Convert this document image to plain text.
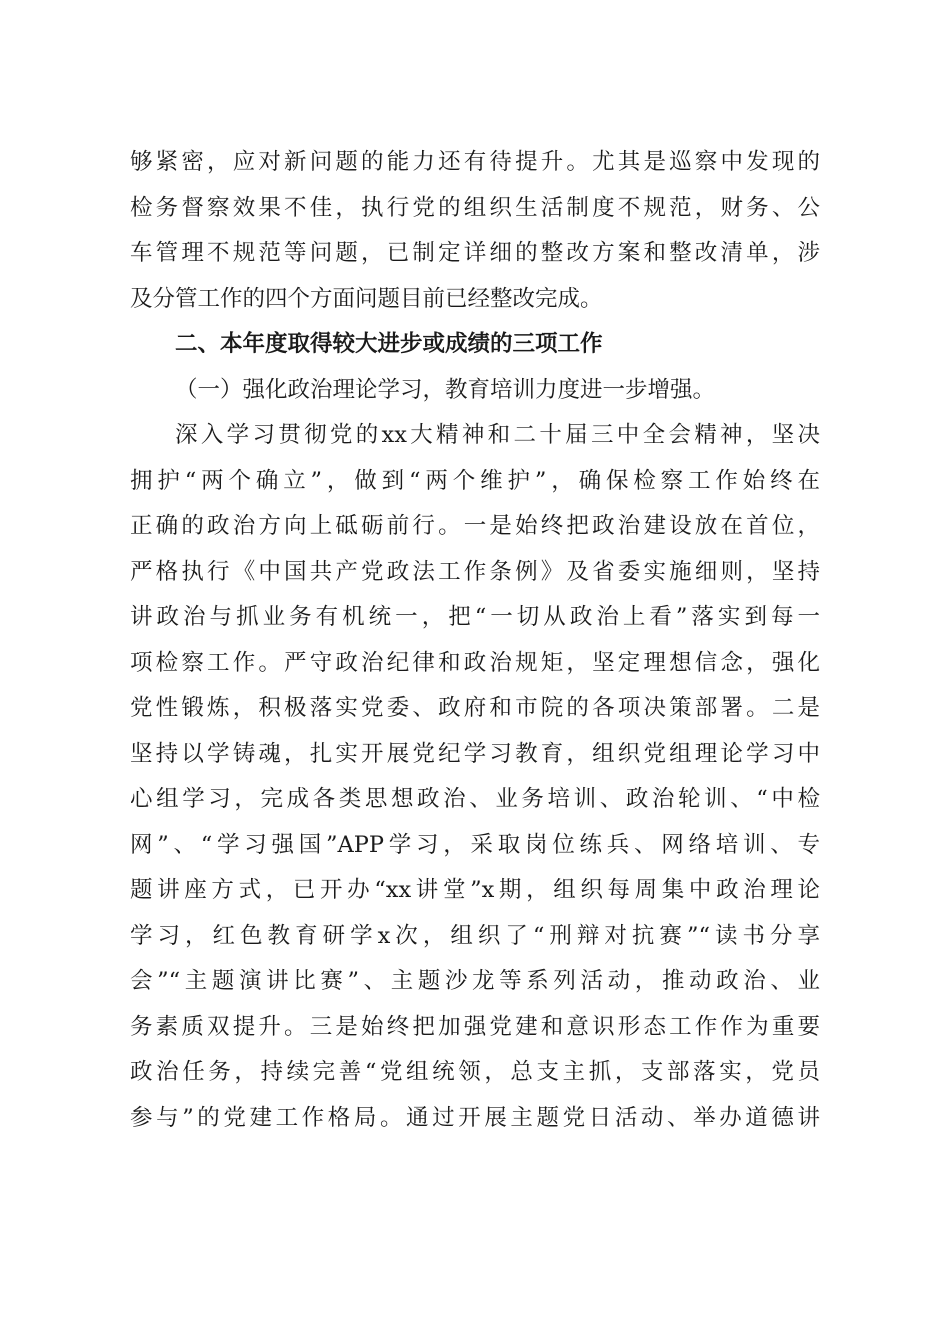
够紧密，应对新问题的能力还有待提升。尤其是巡察中发现的
检务督察效果不佳，执行党的组织生活制度不规范，财务、公
车管理不规范等问题，已制定详细的整改方案和整改清单，涉
及分管工作的四个方面问题目前已经整改完成。
二、本年度取得较大进步或成绩的三项工作
（一）强化政治理论学习，教育培训力度进一步增强。
深入学习贯彻党的xx大精神和二十届三中全会精神，坚决
拥护“两个确立”，做到“两个维护”，确保检察工作始终在
正确的政治方向上砥砺前行。一是始终把政治建设放在首位，
严格执行《中国共产党政法工作条例》及省委实施细则，坚持
讲政治与抓业务有机统一，把“一切从政治上看”落实到每一
项检察工作。严守政治纪律和政治规矩，坚定理想信念，强化
党性锻炼，积极落实党委、政府和市院的各项决策部署。二是
坚持以学铸魂，扎实开展党纪学习教育，组织党组理论学习中
心组学习，完成各类思想政治、业务培训、政治轮训、“中检
网”、“学习强国”APP学习，采取岗位练兵、网络培训、专
题讲座方式，已开办“xx讲堂”x期，组织每周集中政治理论
学习，红色教育研学x次，组织了“刑辩对抗赛”“读书分享
会”“主题演讲比赛”、主题沙龙等系列活动，推动政治、业
务素质双提升。三是始终把加强党建和意识形态工作作为重要
政治任务，持续完善“党组统领，总支主抓，支部落实，党员
参与”的党建工作格局。通过开展主题党日活动、举办道德讲
